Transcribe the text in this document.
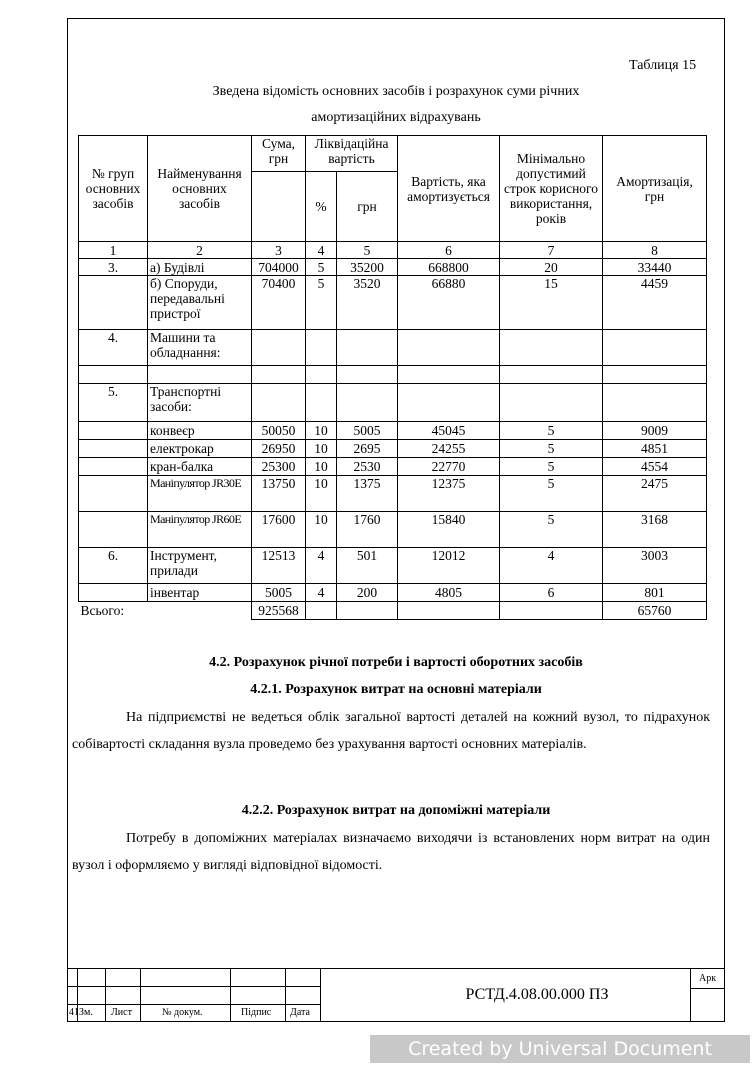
Таблиця 15
Зведена відомість основних засобів і розрахунок суми річних
амортизаційних відрахувань
№ груп основних засобів	Найменування основних засобів	Сума, грн	Ліквідаційна вартість		Вартість, яка амортизується	Мінімально допустимий строк корисного використання, років	Амортизація, грн
			%	грн			
1	2	3	4	5	6	7	8
3.	а) Будівлі	704000	5	35200	668800	20	33440
	б) Споруди, передавальні пристрої	70400	5	3520	66880	15	4459
4.	Машини та обладнання:						

5.	Транспортні засоби:						
	конвеєр	50050	10	5005	45045	5	9009
	електрокар	26950	10	2695	24255	5	4851
	кран-балка	25300	10	2530	22770	5	4554
	Маніпулятор JR30E	13750	10	1375	12375	5	2475
	Маніпулятор JR60E	17600	10	1760	15840	5	3168
6.	Інструмент, прилади	12513	4	501	12012	4	3003
	інвентар	5005	4	200	4805	6	801
Всього:		925568					65760
4.2. Розрахунок річної потреби і вартості оборотних засобів
4.2.1. Розрахунок витрат на основні матеріали
На підприємстві не ведеться облік загальної вартості деталей на кожний вузол, то підрахунок собівартості складання вузла проведемо без урахування вартості основних матеріалів.
4.2.2. Розрахунок витрат на допоміжні матеріали
Потребу в допоміжних матеріалах визначаємо виходячи із встановлених норм витрат на один вузол і оформляємо у вигляді відповідної відомості.
41 Зм. Лист	№ докум.	Підпис Дата
Арк
РСТД.4.08.00.000 ПЗ
Created by Universal Document Converter
